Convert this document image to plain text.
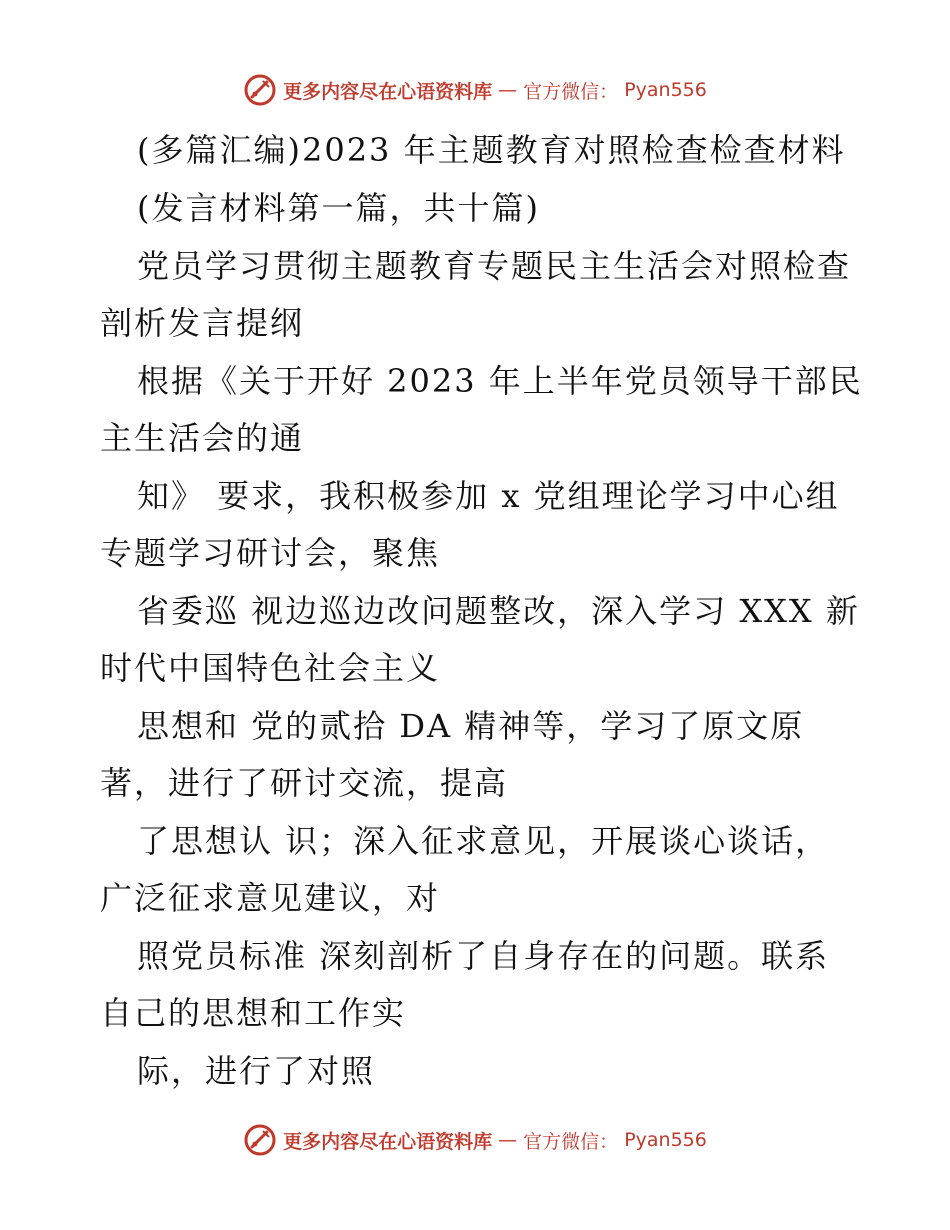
更多内容尽在心语资料库 — 官方微信： Pyan556
(多篇汇编)2023 年主题教育对照检查检查材料
(发言材料第一篇，共十篇)
党员学习贯彻主题教育专题民主生活会对照检查
剖析发言提纲
根据《关于开好 2023 年上半年党员领导干部民
主生活会的通
知》 要求，我积极参加 x 党组理论学习中心组
专题学习研讨会，聚焦
省委巡 视边巡边改问题整改，深入学习 XXX 新
时代中国特色社会主义
思想和 党的贰拾 DA 精神等，学习了原文原
著，进行了研讨交流，提高
了思想认 识；深入征求意见，开展谈心谈话，
广泛征求意见建议，对
照党员标准 深刻剖析了自身存在的问题。联系
自己的思想和工作实
际，进行了对照
更多内容尽在心语资料库 — 官方微信： Pyan556
